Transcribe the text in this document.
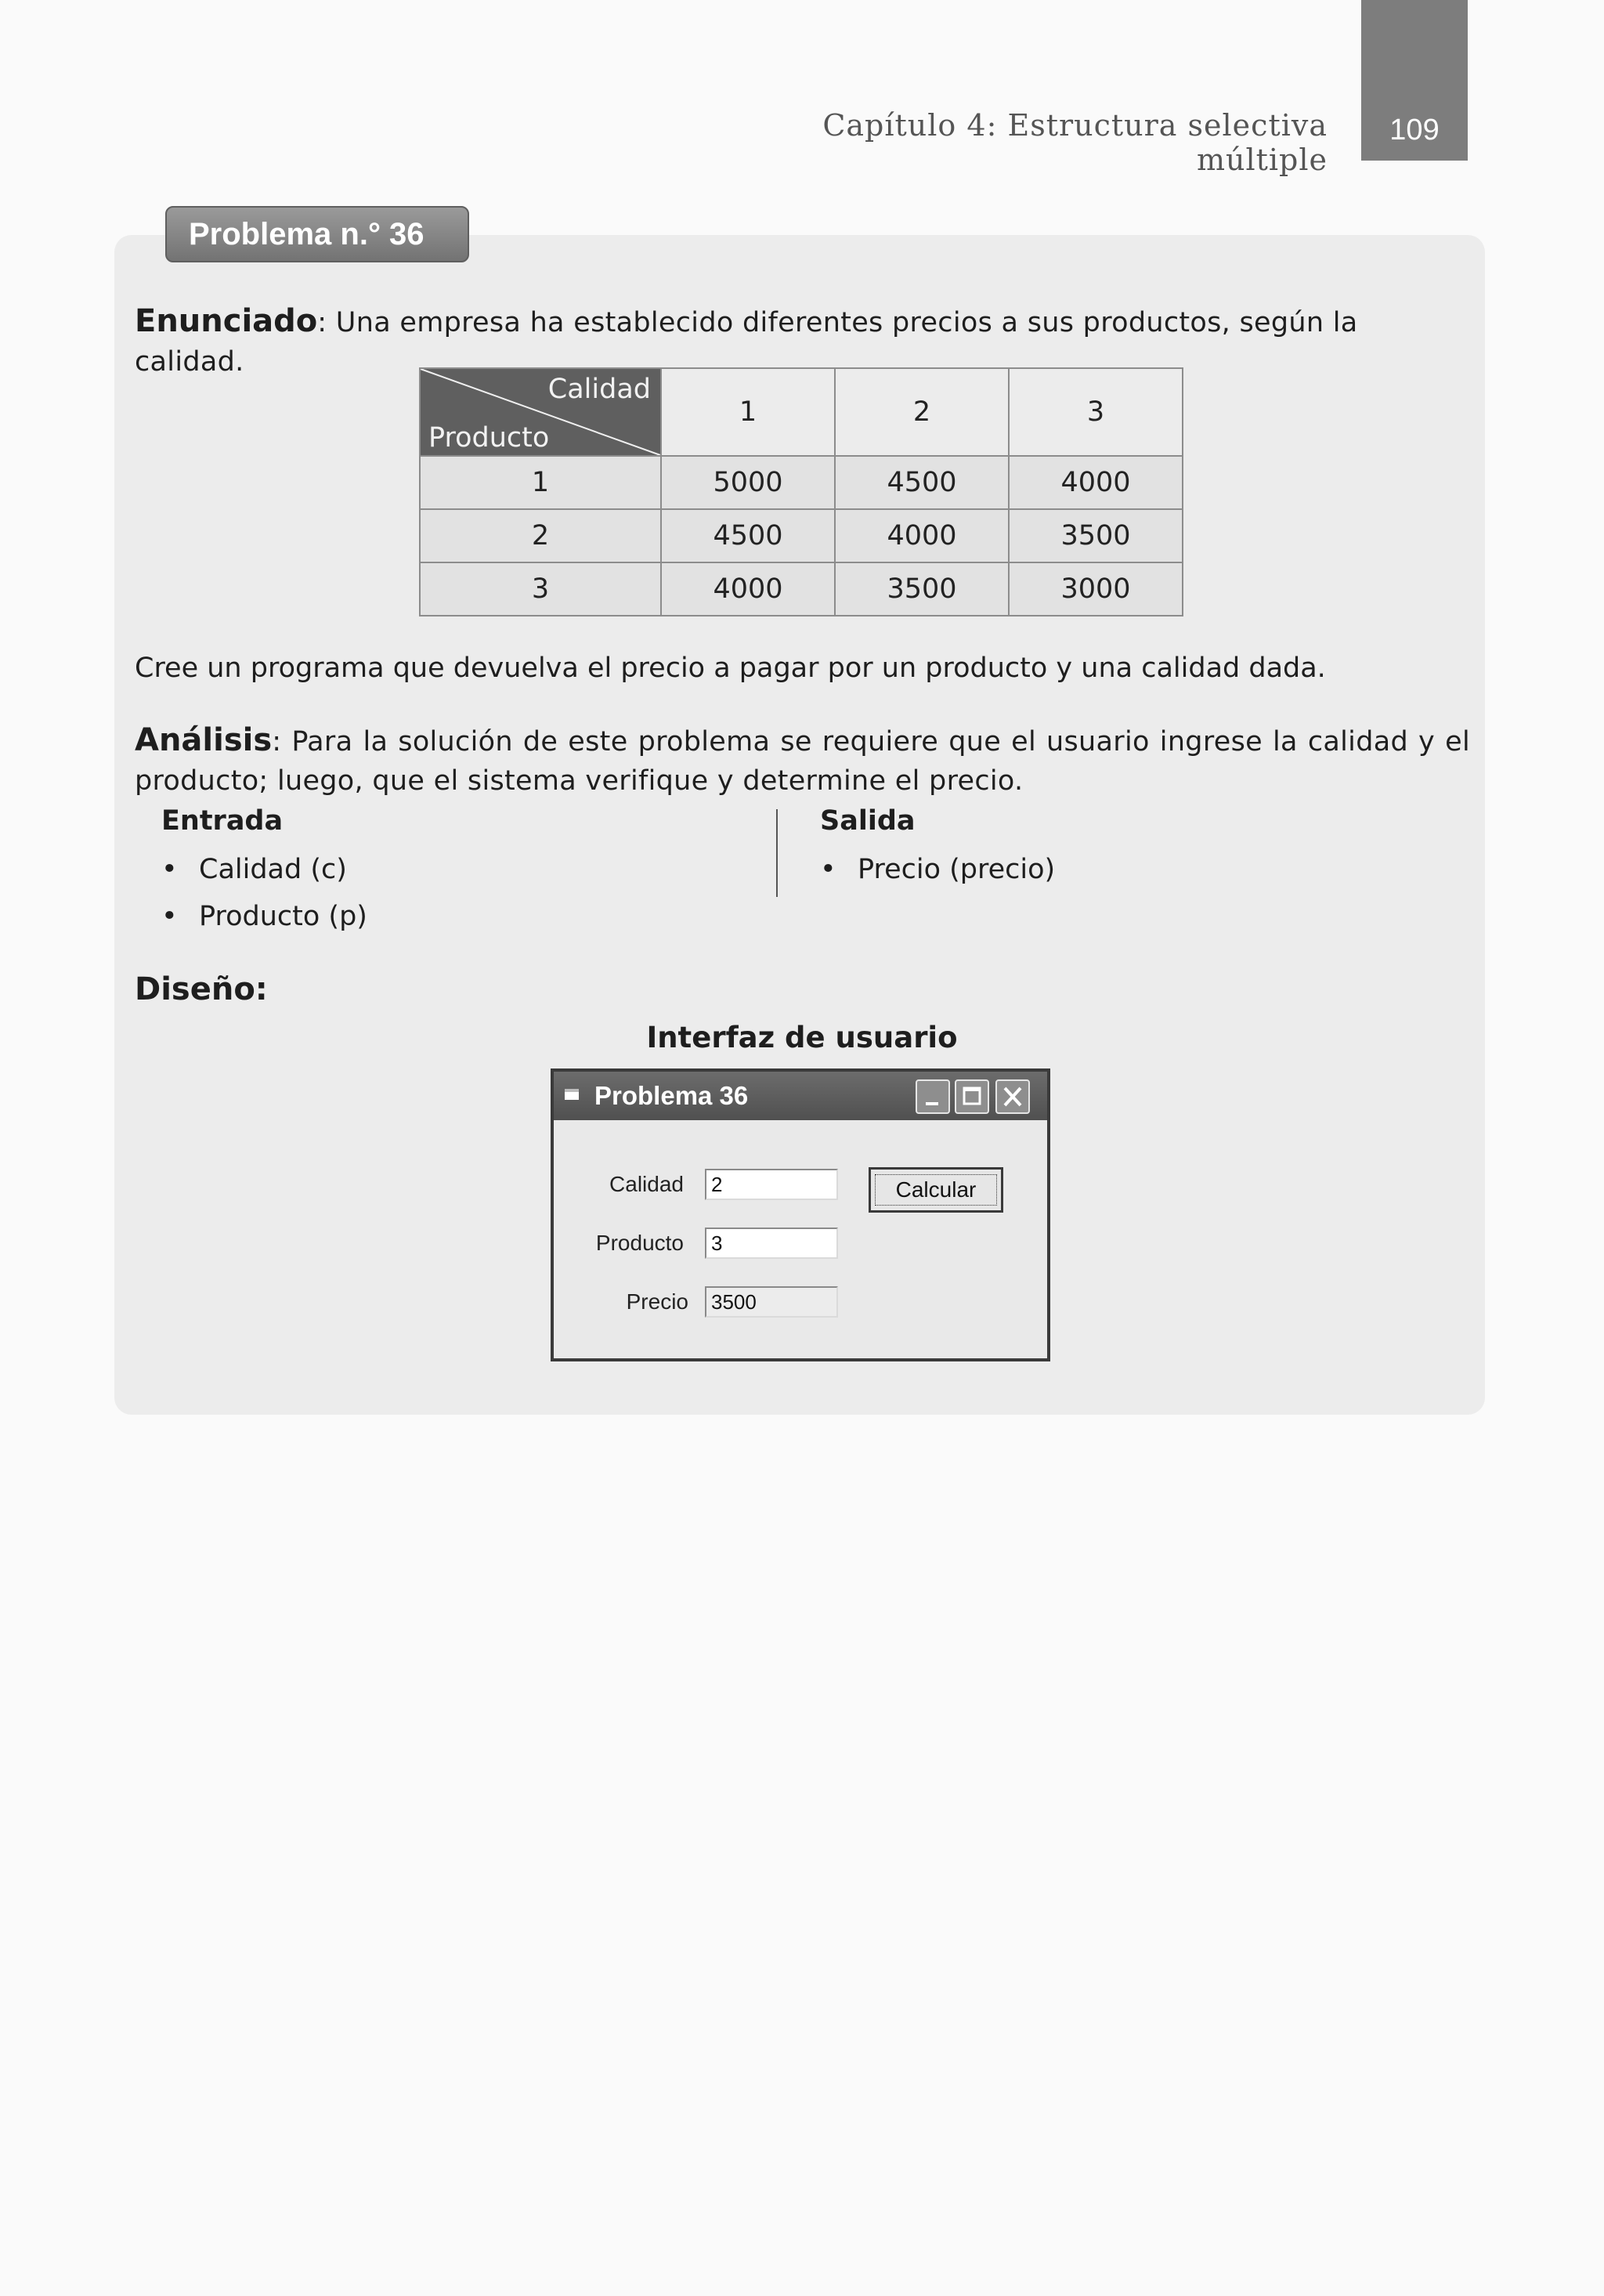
Capítulo 4: Estructura selectiva múltiple
109
Problema n.° 36
Enunciado: Una empresa ha establecido diferentes precios a sus productos, según la calidad.
Calidad
Producto	1	2	3
1	5000	4500	4000
2	4500	4000	3500
3	4000	3500	3000
Cree un programa que devuelva el precio a pagar por un producto y una calidad dada.
Análisis: Para la solución de este problema se requiere que el usuario ingrese la calidad y el producto; luego, que el sistema verifique y determine el precio.
Entrada
• Calidad (c)
• Producto (p)
Salida
• Precio (precio)
Diseño:
Interfaz de usuario
Problema 36
Calidad
2
Producto
3
Precio
3500
Calcular
